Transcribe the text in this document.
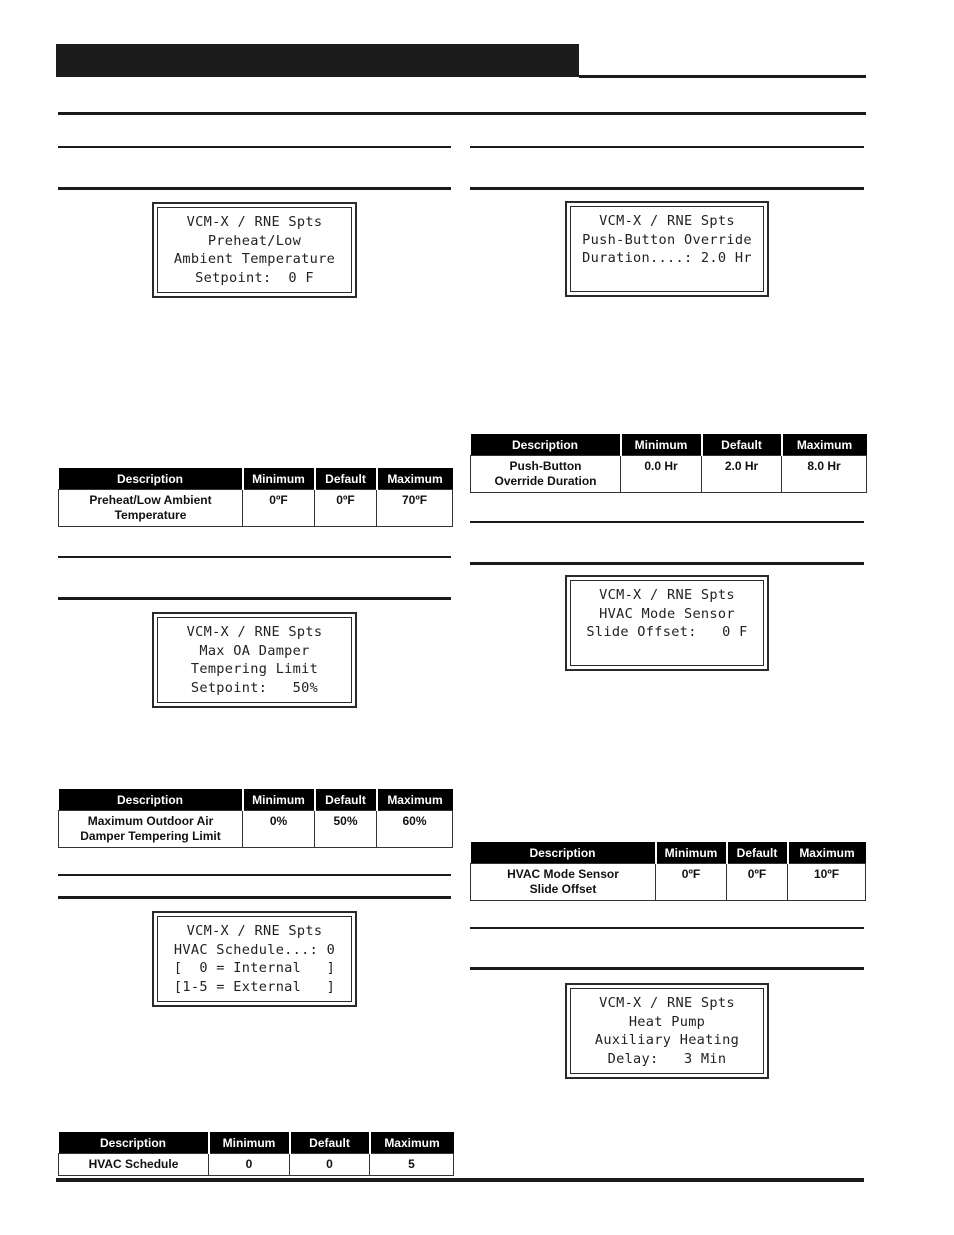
VCM-X / RNE Spts
Preheat/Low
Ambient Temperature
Setpoint:  0 F
Description	Minimum	Default	Maximum
Preheat/Low Ambient
Temperature	0ºF	0ºF	70ºF
VCM-X / RNE Spts
Max OA Damper
Tempering Limit
Setpoint:   50%
Description	Minimum	Default	Maximum
Maximum Outdoor Air
Damper Tempering Limit	0%	50%	60%
VCM-X / RNE Spts
HVAC Schedule...: 0
[  0 = Internal   ]
[1-5 = External   ]
Description	Minimum	Default	Maximum
HVAC Schedule	0	0	5
VCM-X / RNE Spts
Push-Button Override
Duration....: 2.0 Hr
Description	Minimum	Default	Maximum
Push-Button
Override Duration	0.0 Hr	2.0 Hr	8.0 Hr
VCM-X / RNE Spts
HVAC Mode Sensor
Slide Offset:   0 F
Description	Minimum	Default	Maximum
HVAC Mode Sensor
Slide Offset	0ºF	0ºF	10ºF
VCM-X / RNE Spts
Heat Pump
Auxiliary Heating
Delay:   3 Min
